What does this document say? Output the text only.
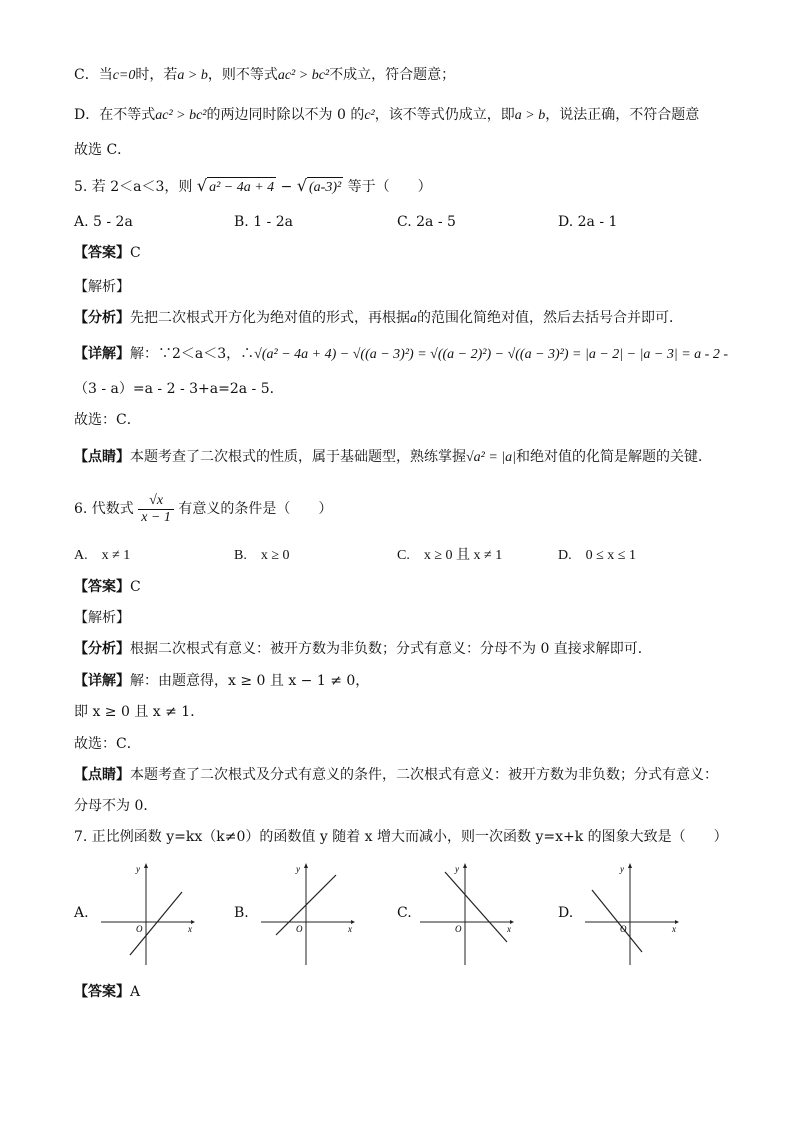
C．当c=0时，若a > b，则不等式ac² > bc²不成立，符合题意；
D．在不等式ac² > bc²的两边同时除以不为 0 的c²，该不等式仍成立，即a > b，说法正确，不符合题意
故选 C．
5. 若 2＜a＜3，则 √ a² − 4a + 4 − √ (a-3)² 等于（　　）
A. 5 - 2a	B. 1 - 2a	C. 2a - 5	D. 2a - 1
【答案】C
【解析】
【分析】先把二次根式开方化为绝对值的形式，再根据a的范围化简绝对值，然后去括号合并即可．
【详解】解：∵2＜a＜3，∴√(a² − 4a + 4) − √((a − 3)²) = √((a − 2)²) − √((a − 3)²) = |a − 2| − |a − 3| = a - 2 -
（3 - a）=a - 2 - 3+a=2a - 5．
故选：C．
【点睛】本题考查了二次根式的性质，属于基础题型，熟练掌握√a² = |a|和绝对值的化简是解题的关键．
6. 代数式 $\frac{√x}{x - 1}$ 有意义的条件是（　　）
A.　x ≠ 1	B.　x ≥ 0	C.　x ≥ 0 且 x ≠ 1	D.　0 ≤ x ≤ 1
【答案】C
【解析】
【分析】根据二次根式有意义：被开方数为非负数；分式有意义：分母不为 0 直接求解即可．
【详解】解：由题意得，x ≥ 0 且 x − 1 ≠ 0，
即 x ≥ 0 且 x ≠ 1．
故选：C．
【点睛】本题考查了二次根式及分式有意义的条件，二次根式有意义：被开方数为非负数；分式有意义：
分母不为 0．
7. 正比例函数 y=kx（k≠0）的函数值 y 随着 x 增大而减小，则一次函数 y=x+k 的图象大致是（　　）
A.
y
x
O
B.
y
x
O
C.
y
x
O
D.
y
x
O
【答案】A
